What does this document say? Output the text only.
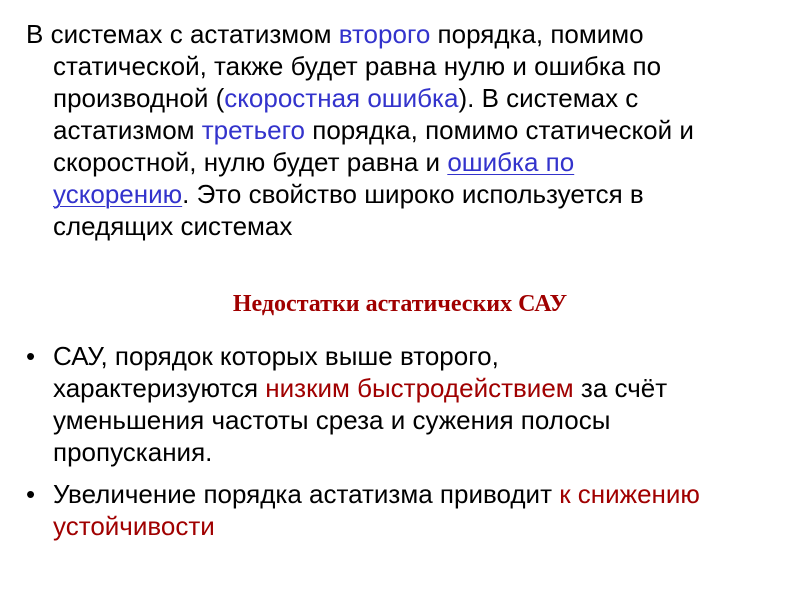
В системах с астатизмом второго порядка, помимо
статической, также будет равна нулю и ошибка по
производной (скоростная ошибка). В системах с
астатизмом третьего порядка, помимо статической и
скоростной, нулю будет равна и ошибка по
ускорению. Это свойство широко используется в
следящих системах
Недостатки астатических САУ
• САУ, порядок которых выше второго,
характеризуются низким быстродействием за счёт
уменьшения частоты среза и сужения полосы
пропускания.
• Увеличение порядка астатизма приводит к снижению
устойчивости
